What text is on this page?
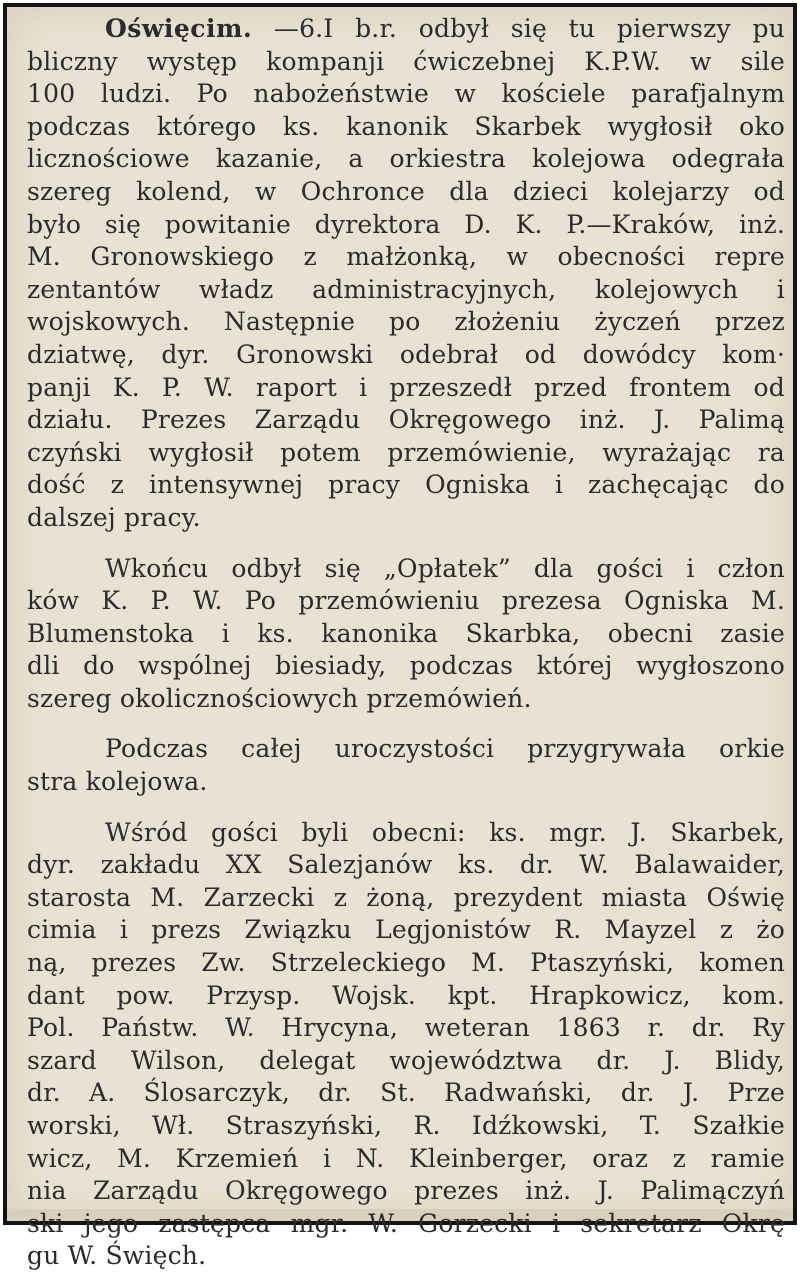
Oświęcim. —6.I b.r. odbył się tu pierwszy pu
bliczny występ kompanji ćwiczebnej K.P.W. w sile
100 ludzi. Po nabożeństwie w kościele parafjalnym
podczas którego ks. kanonik Skarbek wygłosił oko
licznościowe kazanie, a orkiestra kolejowa odegrała
szereg kolend, w Ochronce dla dzieci kolejarzy od
było się powitanie dyrektora D. K. P.—Kraków, inż.
M. Gronowskiego z małżonką, w obecności repre
zentantów władz administracyjnych, kolejowych i
wojskowych. Następnie po złożeniu życzeń przez
dziatwę, dyr. Gronowski odebrał od dowódcy kom·
panji K. P. W. raport i przeszedł przed frontem od
działu. Prezes Zarządu Okręgowego inż. J. Palimą
czyński wygłosił potem przemówienie, wyrażając ra
dość z intensywnej pracy Ogniska i zachęcając do
dalszej pracy.
Wkońcu odbył się „Opłatek” dla gości i człon
ków K. P. W. Po przemówieniu prezesa Ogniska M.
Blumenstoka i ks. kanonika Skarbka, obecni zasie
dli do wspólnej biesiady, podczas której wygłoszono
szereg okolicznościowych przemówień.
Podczas całej uroczystości przygrywała orkie
stra kolejowa.
Wśród gości byli obecni: ks. mgr. J. Skarbek,
dyr. zakładu XX Salezjanów ks. dr. W. Balawaider,
starosta M. Zarzecki z żoną, prezydent miasta Oświę
cimia i prezs Związku Legjonistów R. Mayzel z żo
ną, prezes Zw. Strzeleckiego M. Ptaszyński, komen
dant pow. Przysp. Wojsk. kpt. Hrapkowicz, kom.
Pol. Państw. W. Hrycyna, weteran 1863 r. dr. Ry
szard Wilson, delegat województwa dr. J. Blidy,
dr. A. Ślosarczyk, dr. St. Radwański, dr. J. Prze
worski, Wł. Straszyński, R. Idźkowski, T. Szałkie
wicz, M. Krzemień i N. Kleinberger, oraz z ramie
nia Zarządu Okręgowego prezes inż. J. Palimączyń
ski jego zastępca mgr. W. Gorzecki i sekretarz Okrę
gu W. Święch.
